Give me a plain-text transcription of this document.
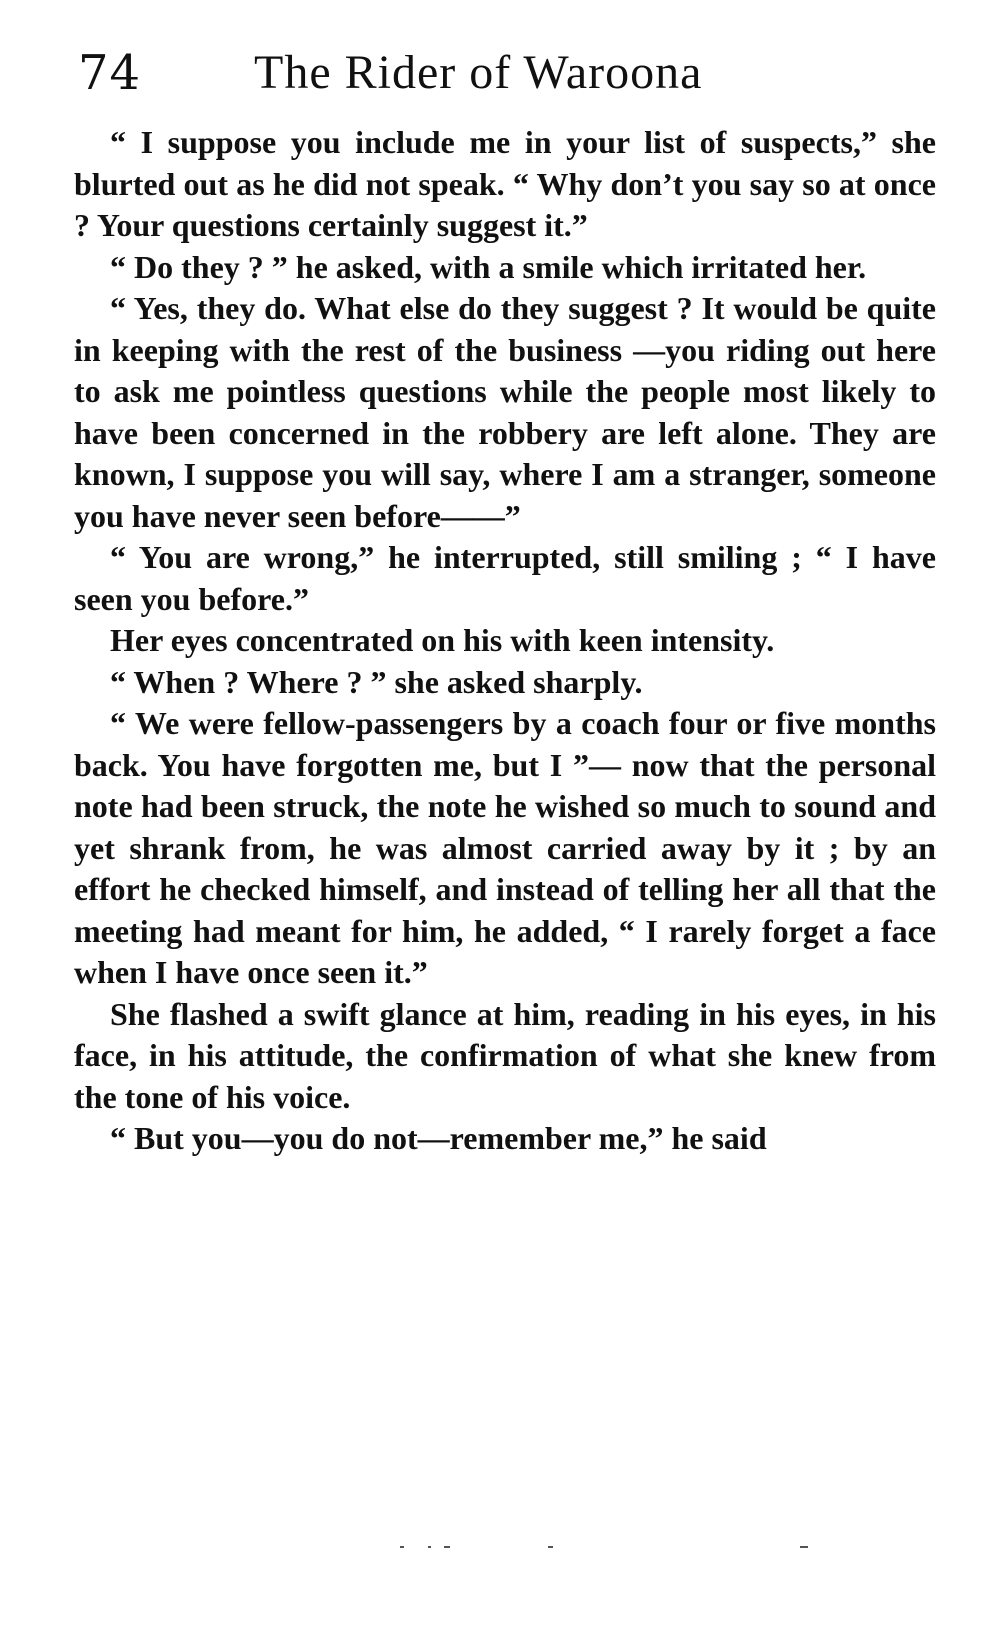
74 The Rider of Waroona

“ I suppose you include me in your list of suspects,” she blurted out as he did not speak. “ Why don’t you say so at once ? Your questions certainly suggest it.”

“ Do they ? ” he asked, with a smile which irritated her.

“ Yes, they do. What else do they suggest ? It would be quite in keeping with the rest of the business —you riding out here to ask me pointless questions while the people most likely to have been concerned in the robbery are left alone. They are known, I suppose you will say, where I am a stranger, someone you have never seen before——”

“ You are wrong,” he interrupted, still smiling ; “ I have seen you before.”

Her eyes concentrated on his with keen intensity.

“ When ? Where ? ” she asked sharply.

“ We were fellow-passengers by a coach four or five months back. You have forgotten me, but I ”— now that the personal note had been struck, the note he wished so much to sound and yet shrank from, he was almost carried away by it ; by an effort he checked himself, and instead of telling her all that the meeting had meant for him, he added, “ I rarely forget a face when I have once seen it.”

She flashed a swift glance at him, reading in his eyes, in his face, in his attitude, the confirmation of what she knew from the tone of his voice.

“ But you—you do not—remember me,” he said
